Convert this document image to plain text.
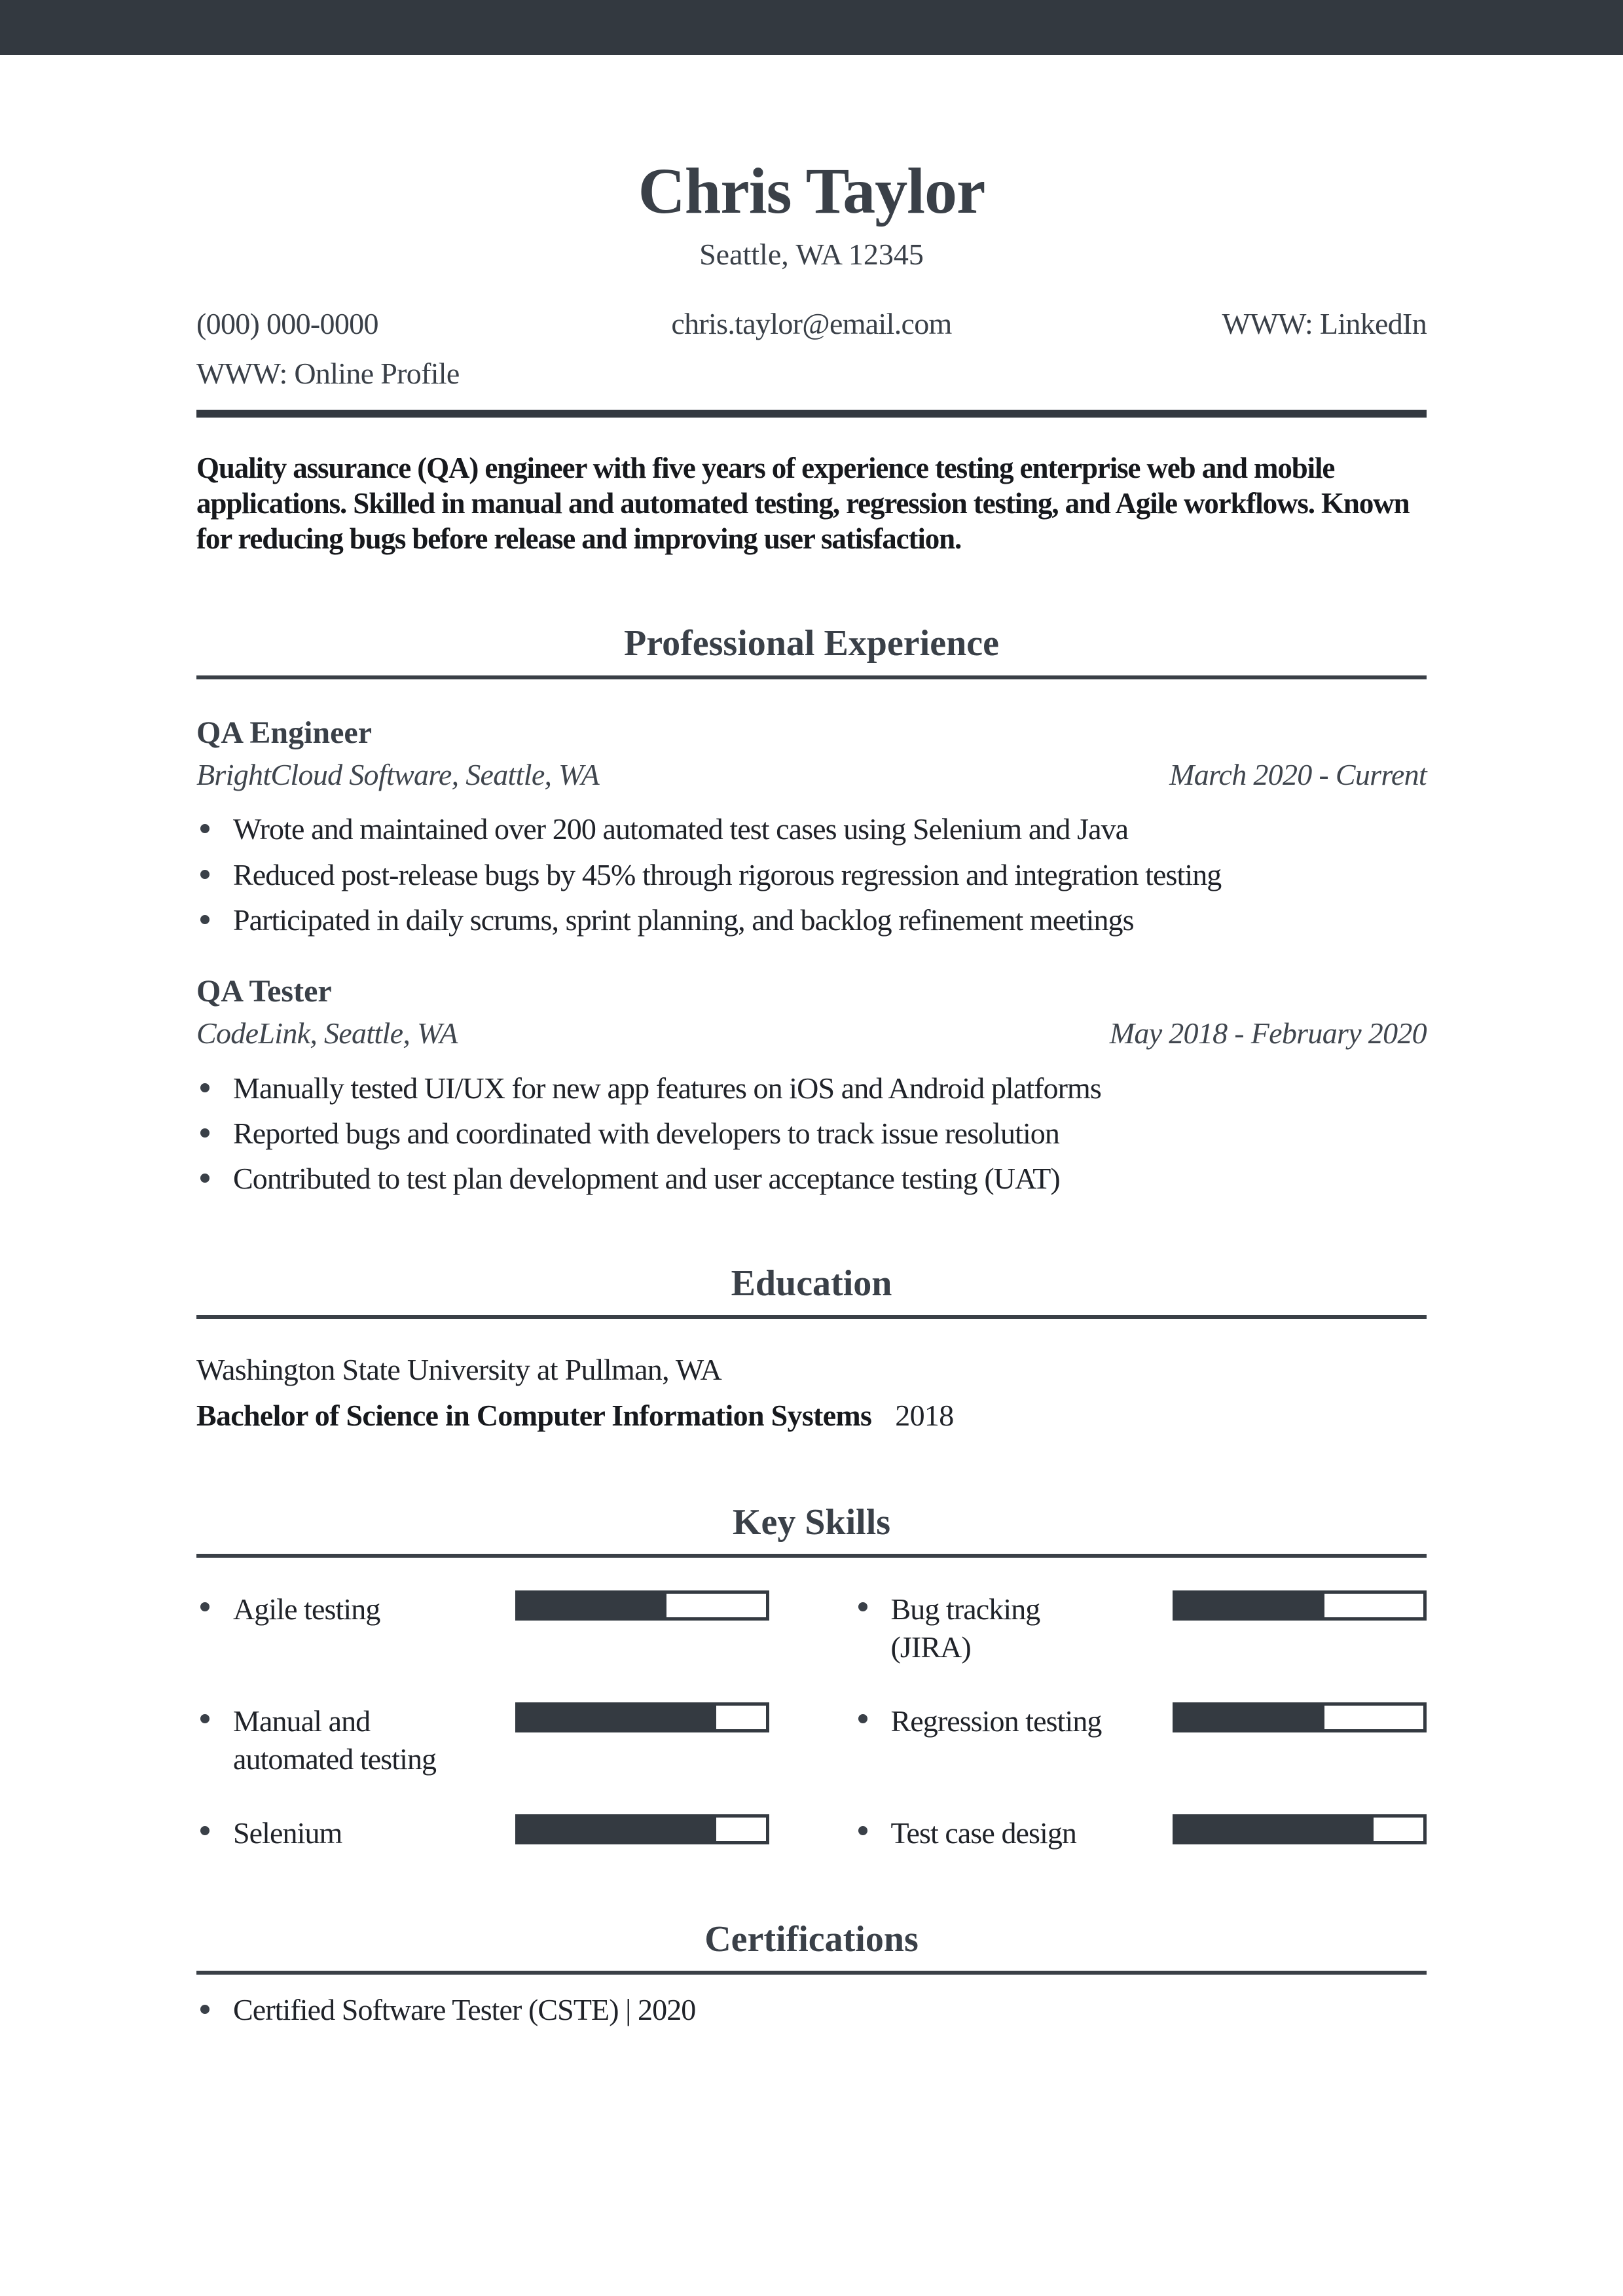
Chris Taylor
Seattle, WA 12345
(000) 000-0000	chris.taylor@email.com	WWW: LinkedIn
WWW: Online Profile

Quality assurance (QA) engineer with five years of experience testing enterprise web and mobile applications. Skilled in manual and automated testing, regression testing, and Agile workflows. Known for reducing bugs before release and improving user satisfaction.

Professional Experience
QA Engineer
BrightCloud Software, Seattle, WA	March 2020 - Current
Wrote and maintained over 200 automated test cases using Selenium and Java
Reduced post-release bugs by 45% through rigorous regression and integration testing
Participated in daily scrums, sprint planning, and backlog refinement meetings
QA Tester
CodeLink, Seattle, WA	May 2018 - February 2020
Manually tested UI/UX for new app features on iOS and Android platforms
Reported bugs and coordinated with developers to track issue resolution
Contributed to test plan development and user acceptance testing (UAT)
Education
Washington State University at Pullman, WA
Bachelor of Science in Computer Information Systems 2018
Key Skills
Agile testing
Manual and automated testing
Selenium
Bug tracking (JIRA)
Regression testing
Test case design
Certifications
Certified Software Tester (CSTE) | 2020
